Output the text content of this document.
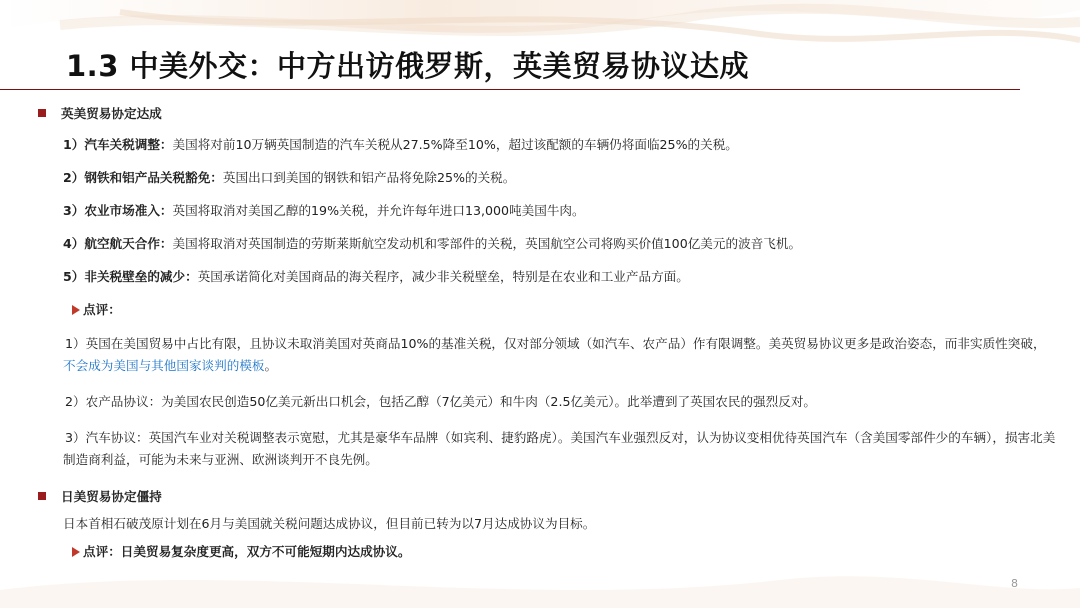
1.3 中美外交：中方出访俄罗斯，英美贸易协议达成
英美贸易协定达成
1）汽车关税调整：美国将对前10万辆英国制造的汽车关税从27.5%降至10%，超过该配额的车辆仍将面临25%的关税。
2）钢铁和铝产品关税豁免：英国出口到美国的钢铁和铝产品将免除25%的关税。
3）农业市场准入：英国将取消对美国乙醇的19%关税，并允许每年进口13,000吨美国牛肉。
4）航空航天合作：美国将取消对英国制造的劳斯莱斯航空发动机和零部件的关税，英国航空公司将购买价值100亿美元的波音飞机。
5）非关税壁垒的减少：英国承诺简化对美国商品的海关程序，减少非关税壁垒，特别是在农业和工业产品方面。
点评：
1）英国在美国贸易中占比有限，且协议未取消美国对英商品10%的基准关税，仅对部分领域（如汽车、农产品）作有限调整。美英贸易协议更多是政治姿态，而非实质性突破，不会成为美国与其他国家谈判的模板。
2）农产品协议：为美国农民创造50亿美元新出口机会，包括乙醇（7亿美元）和牛肉（2.5亿美元）。此举遭到了英国农民的强烈反对。
3）汽车协议：英国汽车业对关税调整表示宽慰，尤其是豪华车品牌（如宾利、捷豹路虎）。美国汽车业强烈反对，认为协议变相优待英国汽车（含美国零部件少的车辆），损害北美制造商利益，可能为未来与亚洲、欧洲谈判开不良先例。
日美贸易协定僵持
日本首相石破茂原计划在6月与美国就关税问题达成协议，但目前已转为以7月达成协议为目标。
点评： 日美贸易复杂度更高，双方不可能短期内达成协议。
8
